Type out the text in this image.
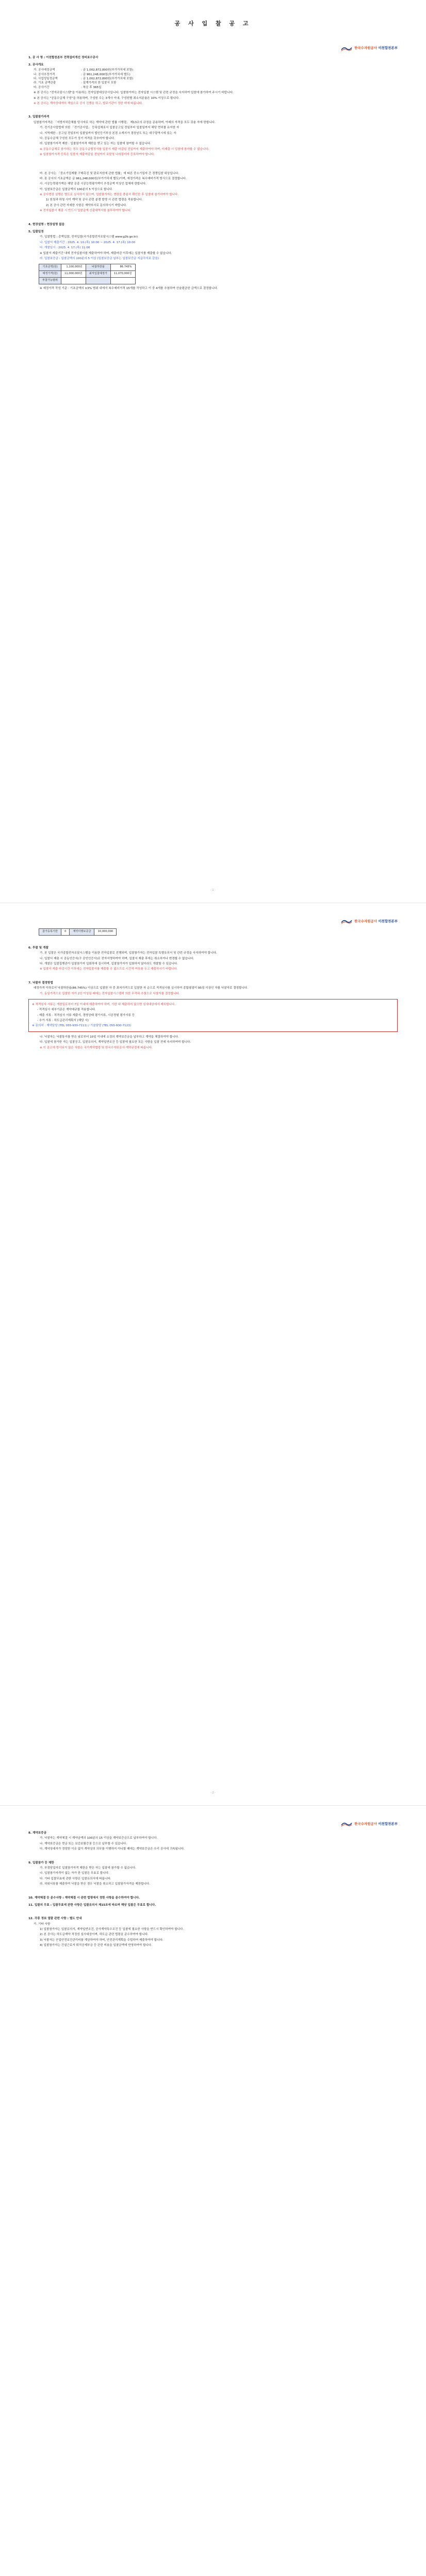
공 사 입 찰 공 고
한국수자원공사 이천합천본부

1. 공 사 명 : 이천합천본부 전력설비개선 정비보수공사

2. 공사개요

가. 공사예정금액	: 금 1,002,872,800원(부가가치세 포함)
나. 공사추정가격	: 금 961,248,000원(부가가치세 별도)
다. 사업성일정금액	: 금 1,002,872,800원(부가가치세 포함)
라. 기초 금액산출	: 설계가격의 한 입찰서 포함
마. 공사기간	: 착공 후 365일

※ 본 공사는 "전자조달시스템"을 이용하는 전자입찰대상공사입니다. 입찰참가자는 전자입찰 시스템 및 관련 규정을 숙지하여 입찰에 참가하여 주시기 바랍니다.

※ 본 공사는 "공동수급체 구성"을 허용하며, 구성원 수는 3개사 이내, 구성원별 최소지분율은 10% 이상으로 합니다.

※ 본 공사는 계약상대자의 책임으로 공사 진행을 하고, 발주기관이 정한 바에 따릅니다.

3. 입찰참가자격

입찰참가자격은 「지방자치단체를 당사자로 하는 계약에 관한 법률 시행령」 제13조의 규정을 준용하며, 아래의 자격을 모두 갖춘 자에 한합니다.

가. 전기공사업법에 의한 「전기공사업」 등록업체로서 입찰공고일 전일부터 입찰일까지 해당 면허를 유지한 자

나. 지역제한 : 공고일 전일부터 입찰일까지 법인등기부상 본점 소재지가 경상남도 또는 대구광역시에 있는 자

다. 공동수급체 구성원 모두가 상기 자격을 갖추어야 합니다.

라. 입찰참가자격 제한 : 입찰참가자격 제한을 받고 있는 자는 입찰에 참여할 수 없습니다.

※ 공동수급체로 참가하는 경우 공동수급협정서를 입찰서 제출 마감일 전일까지 제출하여야 하며, 미제출 시 입찰에 참가할 수 없습니다.

※ 입찰참가자격 등록은 입찰서 제출마감일 전일까지 조달청 나라장터에 등록하여야 합니다.

마. 본 공사는 「중소기업제품 구매촉진 및 판로지원에 관한 법률」에 따른 중소기업자 간 경쟁입찰 대상입니다.

바. 본 공사의 기초금액은 금 961,248,000원(부가가치세 별도)이며, 예정가격은 복수예비가격 방식으로 결정합니다.

사. 시공능력평가액은 해당 공종 시공능력평가액이 추정금액 이상인 업체에 한합니다.

아. 입찰보증금은 입찰금액의 100분의 5 이상으로 합니다.

※ 공사현장 설명은 별도로 실시하지 않으며, 입찰참가자는 현장을 충분히 확인한 후 입찰에 참가하여야 합니다.

1) 원청과 하청 사이 계약 및 공사 관련 분쟁 발생 시 관련 법령을 적용합니다.

2) 본 공사 관련 자세한 사항은 계약부서로 문의하시기 바랍니다.

※ 전자입찰서 제출 시 반드시 입찰금액 산출내역서를 첨부하여야 합니다.

4. 현장설명 : 현장설명 없음

5. 입찰일정

가. 입찰방법 : 총액입찰, 전자입찰(국가종합전자조달시스템 www.g2b.go.kr)

나. 입찰서 제출기간 : 2025. 4. 10.(목) 10:00 ~ 2025. 4. 17.(목) 10:00

다. 개찰일시 : 2025. 4. 17.(목) 11:00

※ 입찰서 제출기간 내에 전자입찰서를 제출하여야 하며, 제출마감 이후에는 입찰서를 제출할 수 없습니다.

라. 입찰보증금 : 입찰금액의 100분의 5 이상 (입찰보증금 납부는 입찰보증금 지급각서로 갈음)

기초금액(원)	1,100,000원	낙찰하한율	86.745%
예정가격(원)	11,000,000원	최저입찰예정가	11,070,000원
투찰가능범위			

※ 예정가격 작성 기준 : 기초금액의 ±3% 범위 내에서 복수예비가격 15개를 작성하고 이 중 4개를 추첨하여 산술평균한 금액으로 결정합니다.

- 1 -
한국수자원공사 이천합천본부
참가등록기한	0	계약이행보증금	10,000,000

6. 투찰 및 개찰

가. 본 입찰은 국가종합전자조달시스템을 이용한 전자입찰로 진행되며, 입찰참가자는 전자입찰 특별유의서 및 관련 규정을 숙지하여야 합니다.

나. 입찰서 제출 시 공동인증서(구 공인인증서)로 전자서명하여야 하며, 입찰서 제출 후에는 취소하거나 변경할 수 없습니다.

다. 개찰은 입찰집행관이 입찰참가자 입회하에 실시하며, 입찰참가자가 입회하지 않더라도 개찰할 수 있습니다.

※ 입찰서 제출 마감시간 이후에는 전자입찰서를 제출할 수 없으므로 시간적 여유를 두고 제출하시기 바랍니다.

7. 낙찰자 결정방법

예정가격 이하로서 낙찰하한율(86.745%) 이상으로 입찰한 자 중 최저가격으로 입찰한 자 순으로 적격심사를 실시하여 종합평점이 95점 이상인 자를 낙찰자로 결정합니다.

가. 동일가격으로 입찰한 자가 2인 이상일 때에는 전자입찰시스템에 의한 무작위 추첨으로 낙찰자를 결정합니다.

※ 적격심사 서류는 개찰일로부터 7일 이내에 제출하여야 하며, 기한 내 제출하지 않으면 심사대상에서 제외합니다.

- 적격심사 세부기준은 계약예규를 적용합니다.

- 제출 서류 : 적격심사 서류 제출서, 경영상태 평가서류, 시공경험 평가서류 등

- 추가 서류 : 하도급관리계획서 (해당 시)

※ 문의처 : 계약담당 (TEL 055-930-7111) / 기술담당 (TEL 055-930-7123)

나. 낙찰자는 낙찰통지를 받은 날로부터 10일 이내에 소정의 계약보증금을 납부하고 계약을 체결하여야 합니다.

다. 입찰에 참가한 자는 입찰공고, 입찰유의서, 계약일반조건 등 입찰에 필요한 모든 사항을 입찰 전에 숙지하여야 합니다.

※ 이 공고에 명시되지 않은 사항은 국가계약법령 및 한국수자원공사 계약규정에 따릅니다.

- 2 -
한국수자원공사 이천합천본부

8. 계약보증금

가. 낙찰자는 계약체결 시 계약금액의 100분의 15 이상을 계약보증금으로 납부하여야 합니다.

나. 계약보증금은 현금 또는 보증보험증권 등으로 납부할 수 있습니다.

다. 계약상대자가 정당한 이유 없이 계약상의 의무를 이행하지 아니할 때에는 계약보증금은 우리 공사에 귀속됩니다.

9. 입찰참가 등 제한

가. 부정당업자로 입찰참가자격 제한을 받은 자는 입찰에 참가할 수 없습니다.

나. 입찰참가자격이 없는 자가 한 입찰은 무효로 합니다.

다. 기타 입찰무효에 관한 사항은 입찰유의서에 따릅니다.

라. 허위서류를 제출하여 낙찰을 받은 경우 낙찰을 취소하고 입찰참가자격을 제한합니다.

10. 계약체결 등 준수사항 : 계약체결 시 관련 법령에서 정한 사항을 준수하여야 합니다.

11. 입찰의 무효 : 입찰무효에 관한 사항은 입찰유의서 제15조에 따르며 해당 입찰은 무효로 합니다.

12. 각종 정보 열람 관련 사항 : 별도 안내

가. 기타 사항

1) 입찰참가자는 입찰유의서, 계약일반조건, 공사계약특수조건 등 입찰에 필요한 사항을 반드시 확인하여야 합니다.

2) 본 공사는 하도급계약 적정성 심사대상이며, 하도급 관련 법령을 준수하여야 합니다.

3) 낙찰자는 산업안전보건관리비를 계상하여야 하며, 안전관리계획을 수립하여 제출하여야 합니다.

4) 입찰참가자는 건설근로자 퇴직공제부금 등 관련 비용을 입찰금액에 반영하여야 합니다.
